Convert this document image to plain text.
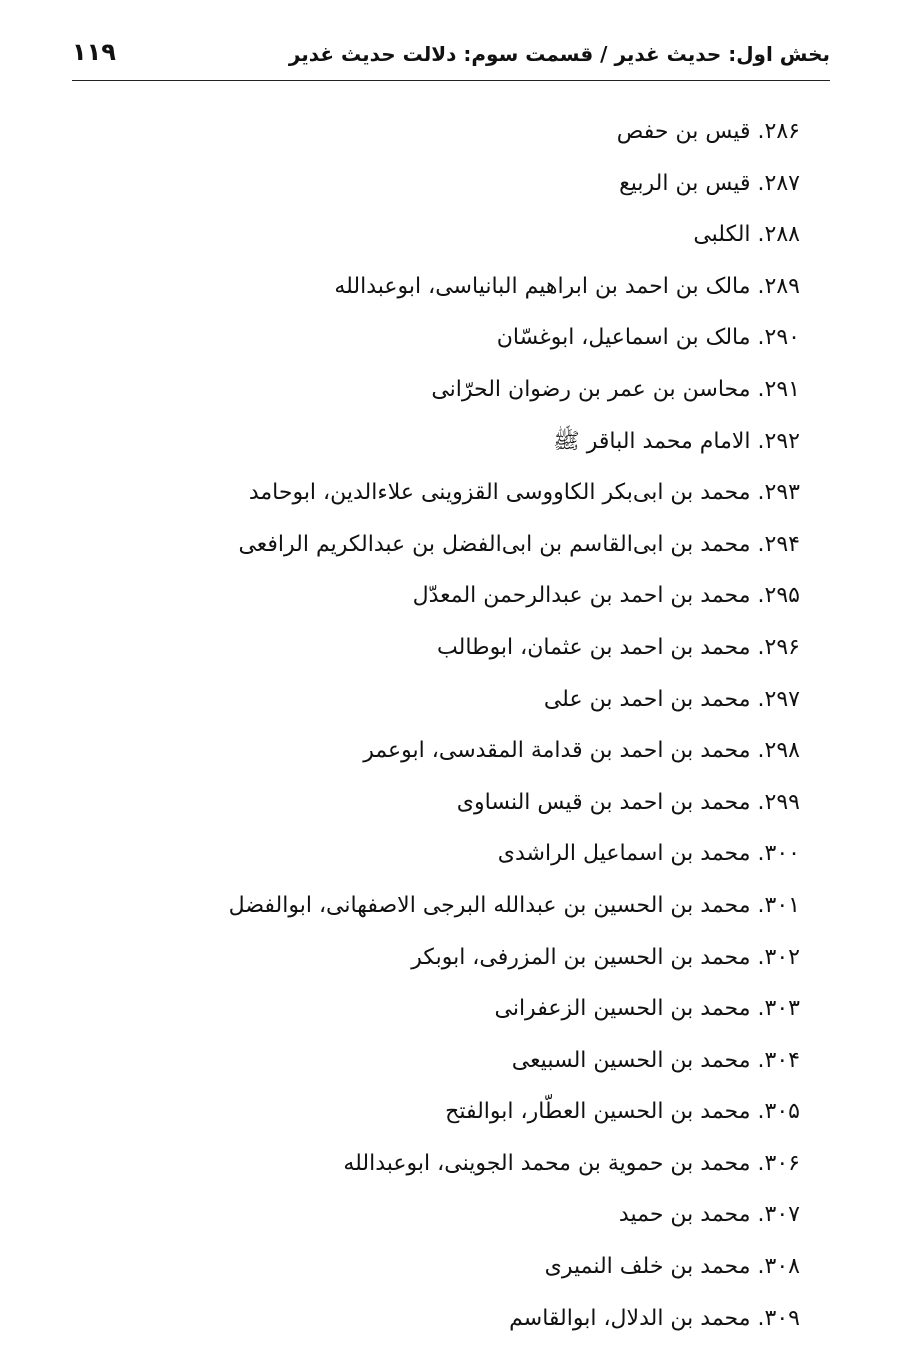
بخش اول: حدیث غدیر / قسمت سوم: دلالت حدیث غدیر
۱۱۹
۲۸۶. قیس بن حفص
۲۸۷. قیس بن الربیع
۲۸۸. الکلبی
۲۸۹. مالک بن احمد بن ابراهیم البانیاسی، ابوعبدالله
۲۹۰. مالک بن اسماعیل، ابوغسّان
۲۹۱. محاسن بن عمر بن رضوان الحرّانی
۲۹۲. الامام محمد الباقر ﷺ
۲۹۳. محمد بن ابی‌بکر الکاووسی القزوینی علاءالدین، ابوحامد
۲۹۴. محمد بن ابی‌القاسم بن ابی‌الفضل بن عبدالکریم الرافعی
۲۹۵. محمد بن احمد بن عبدالرحمن المعدّل
۲۹۶. محمد بن احمد بن عثمان، ابوطالب
۲۹۷. محمد بن احمد بن علی
۲۹۸. محمد بن احمد بن قدامة المقدسی، ابوعمر
۲۹۹. محمد بن احمد بن قیس النساوی
۳۰۰. محمد بن اسماعیل الراشدی
۳۰۱. محمد بن الحسین بن عبدالله البرجی الاصفهانی، ابوالفضل
۳۰۲. محمد بن الحسین بن المزرفی، ابوبکر
۳۰۳. محمد بن الحسین الزعفرانی
۳۰۴. محمد بن الحسین السبیعی
۳۰۵. محمد بن الحسین العطّار، ابوالفتح
۳۰۶. محمد بن حمویة بن محمد الجوینی، ابوعبدالله
۳۰۷. محمد بن حمید
۳۰۸. محمد بن خلف النمیری
۳۰۹. محمد بن الدلال، ابوالقاسم
